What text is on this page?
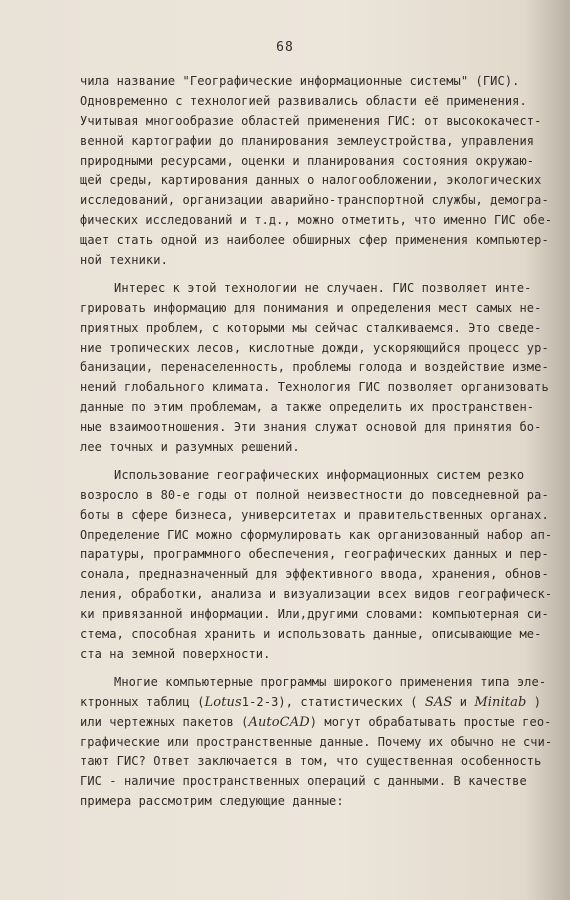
68
чила название "Географические информационные системы" (ГИС).
Одновременно с технологией развивались области её применения.
Учитывая многообразие областей применения ГИС: от высококачест-
венной картографии до планирования землеустройства, управления
природными ресурсами, оценки и планирования состояния окружаю-
щей среды, картирования данных о налогообложении, экологических
исследований, организации аварийно-транспортной службы, демогра-
фических исследований и т.д., можно отметить, что именно ГИС обе-
щает стать одной из наиболее обширных сфер применения компьютер-
ной техники.
Интерес к этой технологии не случаен. ГИС позволяет инте-
грировать информацию для понимания и определения мест самых не-
приятных проблем, с которыми мы сейчас сталкиваемся. Это сведе-
ние тропических лесов, кислотные дожди, ускоряющийся процесс ур-
банизации, перенаселенность, проблемы голода и воздействие изме-
нений глобального климата. Технология ГИС позволяет организовать
данные по этим проблемам, а также определить их пространствен-
ные взаимоотношения. Эти знания служат основой для принятия бо-
лее точных и разумных решений.
Использование географических информационных систем резко
возросло в 80-е годы от полной неизвестности до повседневной ра-
боты в сфере бизнеса, университетах и правительственных органах.
Определение ГИС можно сформулировать как организованный набор ап-
паратуры, программного обеспечения, географических данных и пер-
сонала, предназначенный для эффективного ввода, хранения, обнов-
ления, обработки, анализа и визуализации всех видов географическ-
ки привязанной информации. Или,другими словами: компьютерная си-
стема, способная хранить и использовать данные, описывающие ме-
ста на земной поверхности.
Многие компьютерные программы широкого применения типа эле-
ктронных таблиц (Lotus1-2-3), статистических ( SAS и Minitab )
или чертежных пакетов (AutoCAD) могут обрабатывать простые гео-
графические или пространственные данные. Почему их обычно не счи-
тают ГИС? Ответ заключается в том, что существенная особенность
ГИС - наличие пространственных операций с данными. В качестве
примера рассмотрим следующие данные:
